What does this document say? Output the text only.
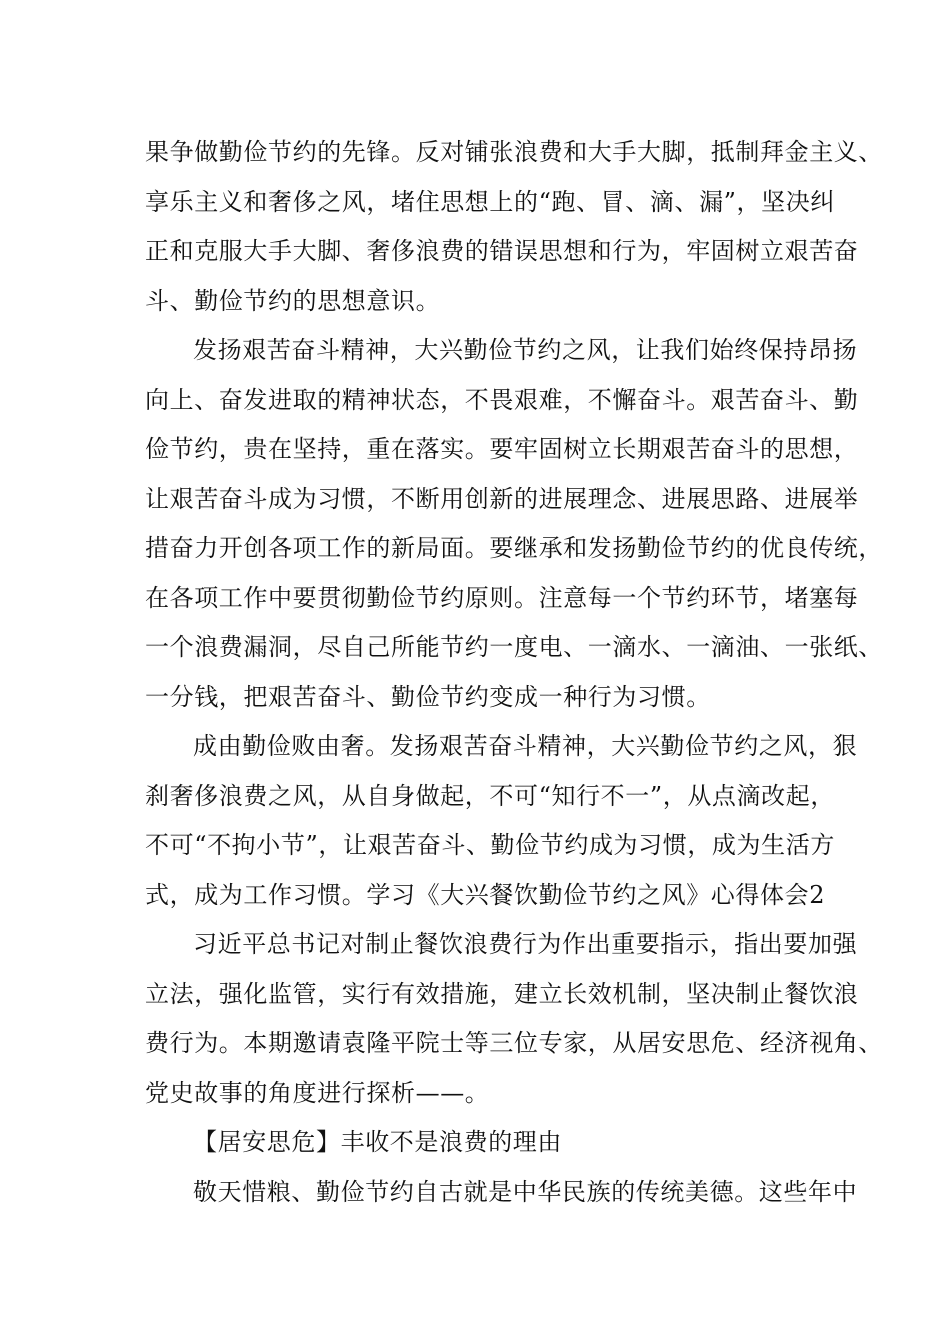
果争做勤俭节约的先锋。反对铺张浪费和大手大脚，抵制拜金主义、
享乐主义和奢侈之风，堵住思想上的“跑、冒、滴、漏”，坚决纠
正和克服大手大脚、奢侈浪费的错误思想和行为，牢固树立艰苦奋
斗、勤俭节约的思想意识。
发扬艰苦奋斗精神，大兴勤俭节约之风，让我们始终保持昂扬
向上、奋发进取的精神状态，不畏艰难，不懈奋斗。艰苦奋斗、勤
俭节约，贵在坚持，重在落实。要牢固树立长期艰苦奋斗的思想，
让艰苦奋斗成为习惯，不断用创新的进展理念、进展思路、进展举
措奋力开创各项工作的新局面。要继承和发扬勤俭节约的优良传统，
在各项工作中要贯彻勤俭节约原则。注意每一个节约环节，堵塞每
一个浪费漏洞，尽自己所能节约一度电、一滴水、一滴油、一张纸、
一分钱，把艰苦奋斗、勤俭节约变成一种行为习惯。
成由勤俭败由奢。发扬艰苦奋斗精神，大兴勤俭节约之风，狠
刹奢侈浪费之风，从自身做起，不可“知行不一”，从点滴改起，
不可“不拘小节”，让艰苦奋斗、勤俭节约成为习惯，成为生活方
式，成为工作习惯。学习《大兴餐饮勤俭节约之风》心得体会2
习近平总书记对制止餐饮浪费行为作出重要指示，指出要加强
立法，强化监管，实行有效措施，建立长效机制，坚决制止餐饮浪
费行为。本期邀请袁隆平院士等三位专家，从居安思危、经济视角、
党史故事的角度进行探析——。
【居安思危】丰收不是浪费的理由
敬天惜粮、勤俭节约自古就是中华民族的传统美德。这些年中
